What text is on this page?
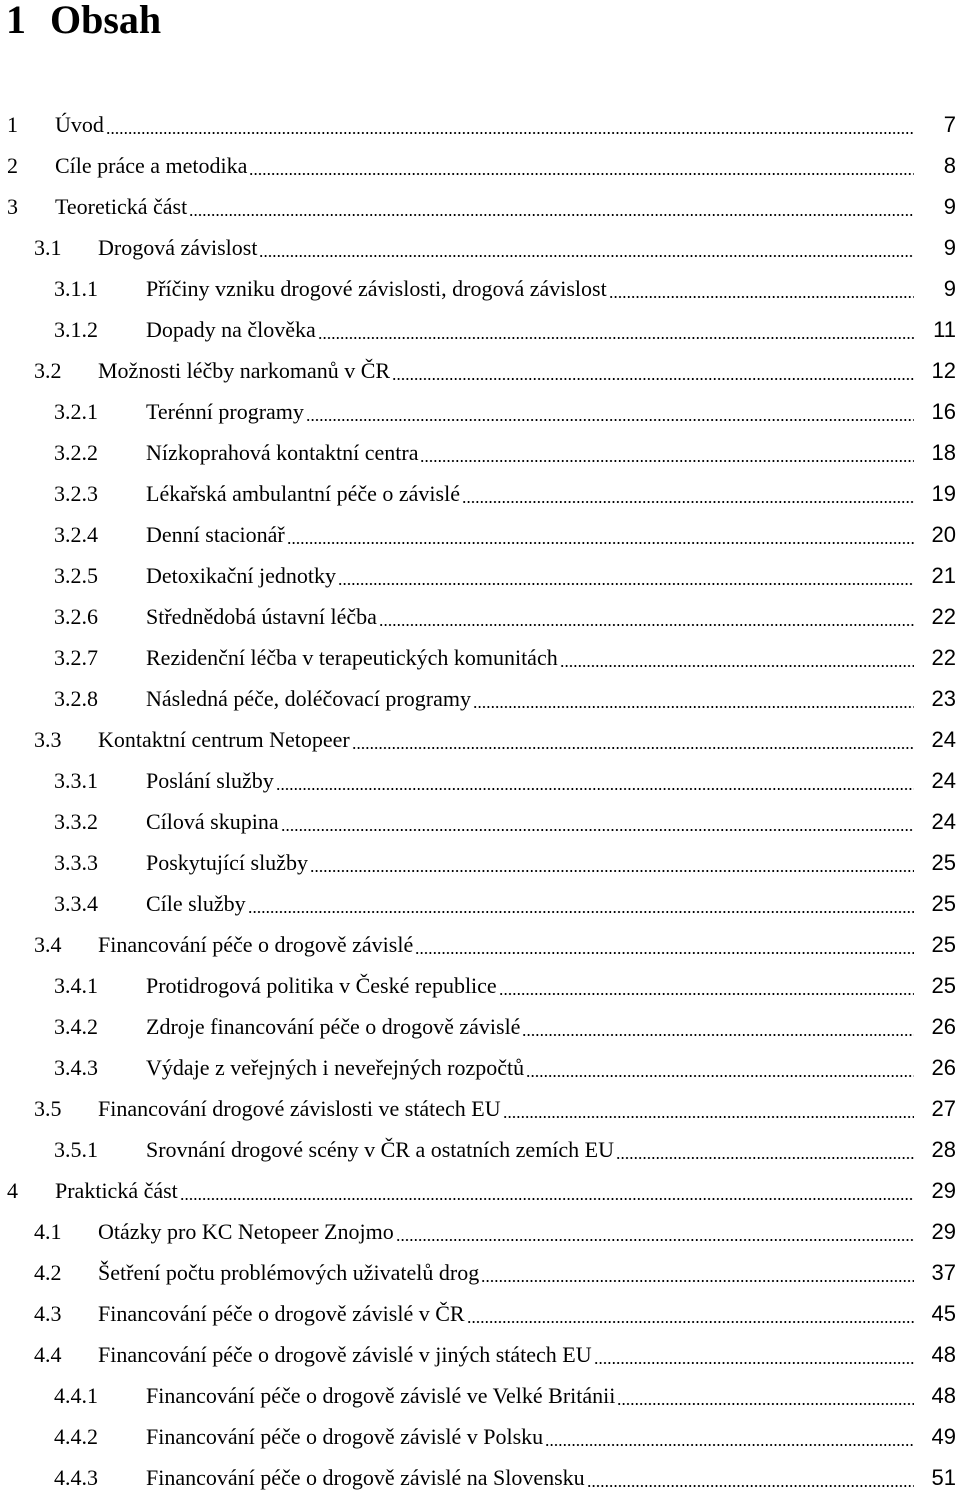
1 Obsah
1	Úvod	7
2	Cíle práce a metodika	8
3	Teoretická část	9
3.1	Drogová závislost	9
3.1.1	Příčiny vzniku drogové závislosti, drogová závislost	9
3.1.2	Dopady na člověka	11
3.2	Možnosti léčby narkomanů v ČR	12
3.2.1	Terénní programy	16
3.2.2	Nízkoprahová kontaktní centra	18
3.2.3	Lékařská ambulantní péče o závislé	19
3.2.4	Denní stacionář	20
3.2.5	Detoxikační jednotky	21
3.2.6	Střednědobá ústavní léčba	22
3.2.7	Rezidenční léčba v terapeutických komunitách	22
3.2.8	Následná péče, doléčovací programy	23
3.3	Kontaktní centrum Netopeer	24
3.3.1	Poslání služby	24
3.3.2	Cílová skupina	24
3.3.3	Poskytující služby	25
3.3.4	Cíle služby	25
3.4	Financování péče o drogově závislé	25
3.4.1	Protidrogová politika v České republice	25
3.4.2	Zdroje financování péče o drogově závislé	26
3.4.3	Výdaje z veřejných i neveřejných rozpočtů	26
3.5	Financování drogové závislosti ve státech EU	27
3.5.1	Srovnání drogové scény v ČR a ostatních zemích EU	28
4	Praktická část	29
4.1	Otázky pro KC Netopeer Znojmo	29
4.2	Šetření počtu problémových uživatelů drog	37
4.3	Financování péče o drogově závislé v ČR	45
4.4	Financování péče o drogově závislé v jiných státech EU	48
4.4.1	Financování péče o drogově závislé ve Velké Británii	48
4.4.2	Financování péče o drogově závislé v Polsku	49
4.4.3	Financování péče o drogově závislé na Slovensku	51
